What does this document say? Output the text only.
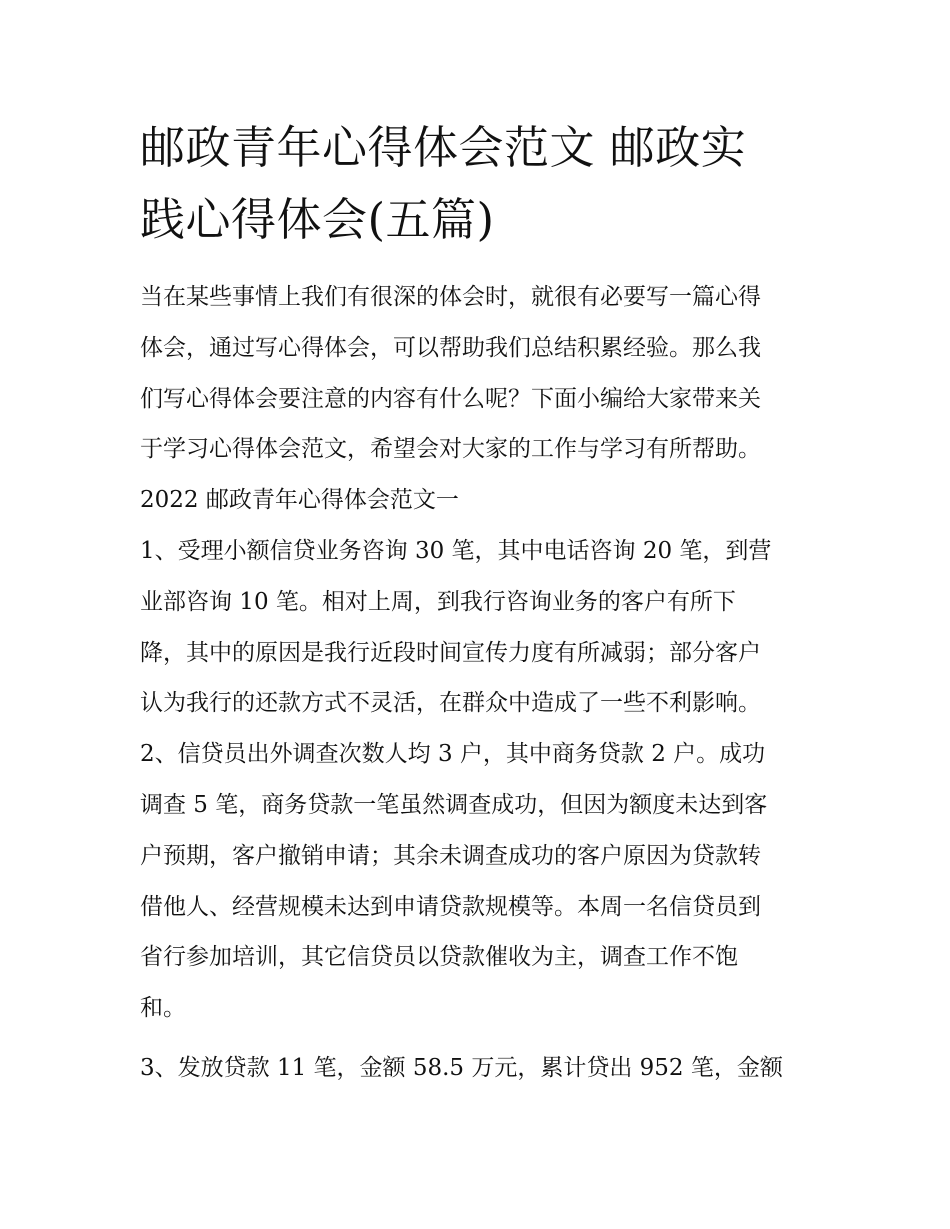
邮政青年心得体会范文 邮政实
践心得体会(五篇)

当在某些事情上我们有很深的体会时，就很有必要写一篇心得
体会，通过写心得体会，可以帮助我们总结积累经验。那么我
们写心得体会要注意的内容有什么呢？下面小编给大家带来关
于学习心得体会范文，希望会对大家的工作与学习有所帮助。

2022 邮政青年心得体会范文一

1、受理小额信贷业务咨询 30 笔，其中电话咨询 20 笔，到营
业部咨询 10 笔。相对上周，到我行咨询业务的客户有所下
降，其中的原因是我行近段时间宣传力度有所减弱；部分客户
认为我行的还款方式不灵活，在群众中造成了一些不利影响。

2、信贷员出外调查次数人均 3 户，其中商务贷款 2 户。成功
调查 5 笔，商务贷款一笔虽然调查成功，但因为额度未达到客
户预期，客户撤销申请；其余未调查成功的客户原因为贷款转
借他人、经营规模未达到申请贷款规模等。本周一名信贷员到
省行参加培训，其它信贷员以贷款催收为主，调查工作不饱
和。

3、发放贷款 11 笔，金额 58.5 万元，累计贷出 952 笔，金额
